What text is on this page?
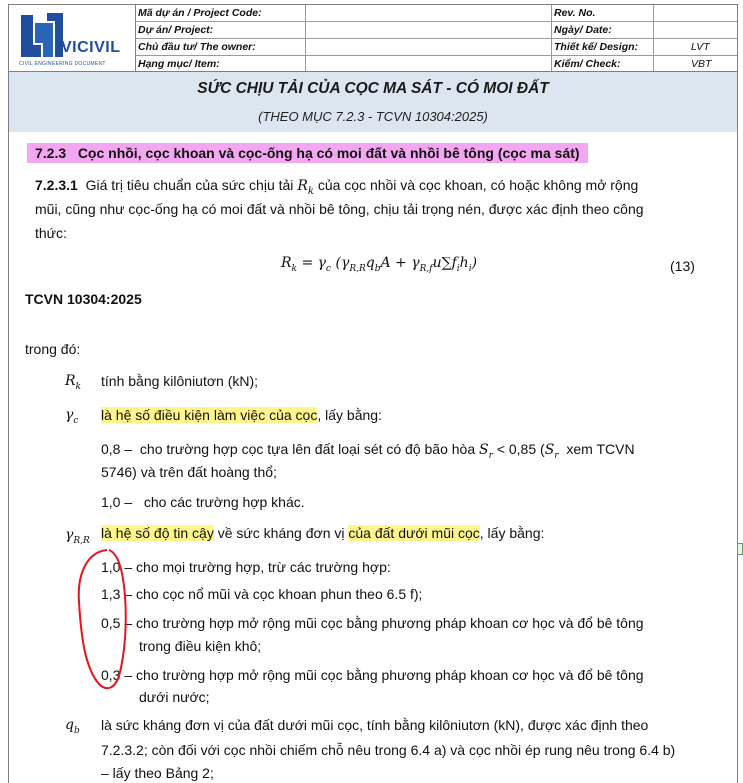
VICIVIL
CIVIL ENGINEERING DOCUMENT
Mã dự án / Project Code:
Dự án/ Project:
Chủ đầu tư/ The owner:
Hạng mục/ Item:
Rev. No.
Ngày/ Date:
Thiết kế/ Design:
Kiểm/ Check:
LVT
VBT
SỨC CHỊU TẢI CỦA CỌC MA SÁT - CÓ MOI ĐẤT
(THEO MỤC 7.2.3 - TCVN 10304:2025)
7.2.3 Cọc nhồi, cọc khoan và cọc-ống hạ có moi đất và nhồi bê tông (cọc ma sát)
7.2.3.1 Giá trị tiêu chuẩn của sức chịu tải $R_k$ của cọc nhồi và cọc khoan, có hoặc không mở rộng
mũi, cũng như cọc-ống hạ có moi đất và nhồi bê tông, chịu tải trọng nén, được xác định theo công
thức:
$R_k = \gamma_c$ $(\gamma_{R,R}q_bA + \gamma_{R,f}u\sum f_ih_i)$	(13)
TCVN 10304:2025
trong đó:
$R_k$ tính bằng kilôniutơn (kN);
$\gamma_c$ là hệ số điều kiện làm việc của cọc, lấy bằng:
0,8 – cho trường hợp cọc tựa lên đất loại sét có độ bão hòa $S_r < 0,85$ ($S_r$ xem TCVN
5746) và trên đất hoàng thổ;
1,0 – cho các trường hợp khác.
$\gamma_{R,R}$ là hệ số độ tin cậy về sức kháng đơn vị của đất dưới mũi cọc, lấy bằng:
1,0 – cho mọi trường hợp, trừ các trường hợp:
1,3 – cho cọc nổ mũi và cọc khoan phun theo 6.5 f);
0,5 – cho trường hợp mở rộng mũi cọc bằng phương pháp khoan cơ học và đổ bê tông
trong điều kiện khô;
0,3 – cho trường hợp mở rộng mũi cọc bằng phương pháp khoan cơ học và đổ bê tông
dưới nước;
$q_b$ là sức kháng đơn vị của đất dưới mũi cọc, tính bằng kilôniutơn (kN), được xác định theo
7.2.3.2; còn đối với cọc nhồi chiếm chỗ nêu trong 6.4 a) và cọc nhồi ép rung nêu trong 6.4 b)
– lấy theo Bảng 2;
